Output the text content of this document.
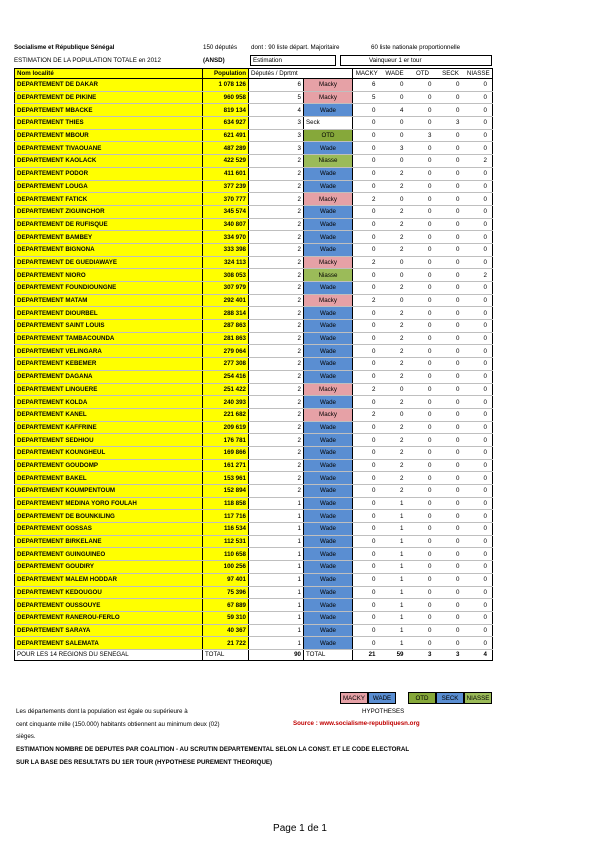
Socialisme et République Sénégal	150 députés dont : 90 liste départ. Majoritaire	60 liste nationale proportionnelle
ESTIMATION DE LA POPULATION TOTALE en 2012	(ANSD)	Estimation	Vainqueur 1 er tour
Nom localité	Population	Députés / Dprtmt		MACKY	WADE	OTD	SECK	NIASSE
DEPARTEMENT DE DAKAR	1 078 126	6	Macky	6	0	0	0	0
DEPARTEMENT DE PIKINE	960 958	5	Macky	5	0	0	0	0
DEPARTEMENT MBACKE	819 134	4	Wade	0	4	0	0	0
DEPARTEMENT THIES	634 927	3	Seck	0	0	0	3	0
DEPARTEMENT MBOUR	621 491	3	OTD	0	0	3	0	0
DEPARTEMENT TIVAOUANE	487 289	3	Wade	0	3	0	0	0
DEPARTEMENT KAOLACK	422 529	2	Niasse	0	0	0	0	2
DEPARTEMENT PODOR	411 601	2	Wade	0	2	0	0	0
DEPARTEMENT LOUGA	377 239	2	Wade	0	2	0	0	0
DEPARTEMENT FATICK	370 777	2	Macky	2	0	0	0	0
DEPARTEMENT ZIGUINCHOR	345 574	2	Wade	0	2	0	0	0
DEPARTEMENT DE RUFISQUE	340 807	2	Wade	0	2	0	0	0
DEPARTEMENT BAMBEY	334 970	2	Wade	0	2	0	0	0
DEPARTEMENT BIGNONA	333 398	2	Wade	0	2	0	0	0
DEPARTEMENT DE GUEDIAWAYE	324 113	2	Macky	2	0	0	0	0
DEPARTEMENT NIORO	308 053	2	Niasse	0	0	0	0	2
DEPARTEMENT FOUNDIOUNGNE	307 979	2	Wade	0	2	0	0	0
DEPARTEMENT MATAM	292 401	2	Macky	2	0	0	0	0
DEPARTEMENT DIOURBEL	288 314	2	Wade	0	2	0	0	0
DEPARTEMENT SAINT LOUIS	287 863	2	Wade	0	2	0	0	0
DEPARTEMENT TAMBACOUNDA	281 863	2	Wade	0	2	0	0	0
DEPARTEMENT VELINGARA	279 064	2	Wade	0	2	0	0	0
DEPARTEMENT KEBEMER	277 308	2	Wade	0	2	0	0	0
DEPARTEMENT DAGANA	254 416	2	Wade	0	2	0	0	0
DEPARTEMENT LINGUERE	251 422	2	Macky	2	0	0	0	0
DEPARTEMENT KOLDA	240 393	2	Wade	0	2	0	0	0
DEPARTEMENT KANEL	221 682	2	Macky	2	0	0	0	0
DEPARTEMENT KAFFRINE	209 619	2	Wade	0	2	0	0	0
DEPARTEMENT SEDHIOU	176 781	2	Wade	0	2	0	0	0
DEPARTEMENT KOUNGHEUL	169 866	2	Wade	0	2	0	0	0
DEPARTEMENT GOUDOMP	161 271	2	Wade	0	2	0	0	0
DEPARTEMENT BAKEL	153 961	2	Wade	0	2	0	0	0
DEPARTEMENT KOUMPENTOUM	152 894	2	Wade	0	2	0	0	0
DEPARTEMENT MEDINA YORO FOULAH	118 858	1	Wade	0	1	0	0	0
DEPARTEMENT DE BOUNKILING	117 716	1	Wade	0	1	0	0	0
DEPARTEMENT GOSSAS	116 534	1	Wade	0	1	0	0	0
DEPARTEMENT BIRKELANE	112 531	1	Wade	0	1	0	0	0
DEPARTEMENT GUINGUINEO	110 658	1	Wade	0	1	0	0	0
DEPARTEMENT GOUDIRY	100 256	1	Wade	0	1	0	0	0
DEPARTEMENT MALEM HODDAR	97 401	1	Wade	0	1	0	0	0
DEPARTEMENT KEDOUGOU	75 396	1	Wade	0	1	0	0	0
DEPARTEMENT OUSSOUYE	67 889	1	Wade	0	1	0	0	0
DEPARTEMENT RANEROU-FERLO	59 310	1	Wade	0	1	0	0	0
DEPARTEMENT SARAYA	40 367	1	Wade	0	1	0	0	0
DEPARTEMENT SALEMATA	21 722	1	Wade	0	1	0	0	0
POUR LES 14 REGIONS DU SENEGAL	TOTAL	90	TOTAL	21	59	3	3	4
MACKY	WADE	OTD	SECK	NIASSE
HYPOTHESES
Les départements dont la population est égale ou supérieure à
cent cinquante mille (150.000) habitants obtiennent au minimum deux (02)
sièges.
Source : www.socialisme-republiquesn.org
ESTIMATION NOMBRE DE DEPUTES PAR COALITION - AU SCRUTIN DEPARTEMENTAL SELON LA CONST. ET LE CODE ELECTORAL
SUR LA BASE DES RESULTATS DU 1ER TOUR (HYPOTHESE PUREMENT THEORIQUE)
Page 1 de 1
